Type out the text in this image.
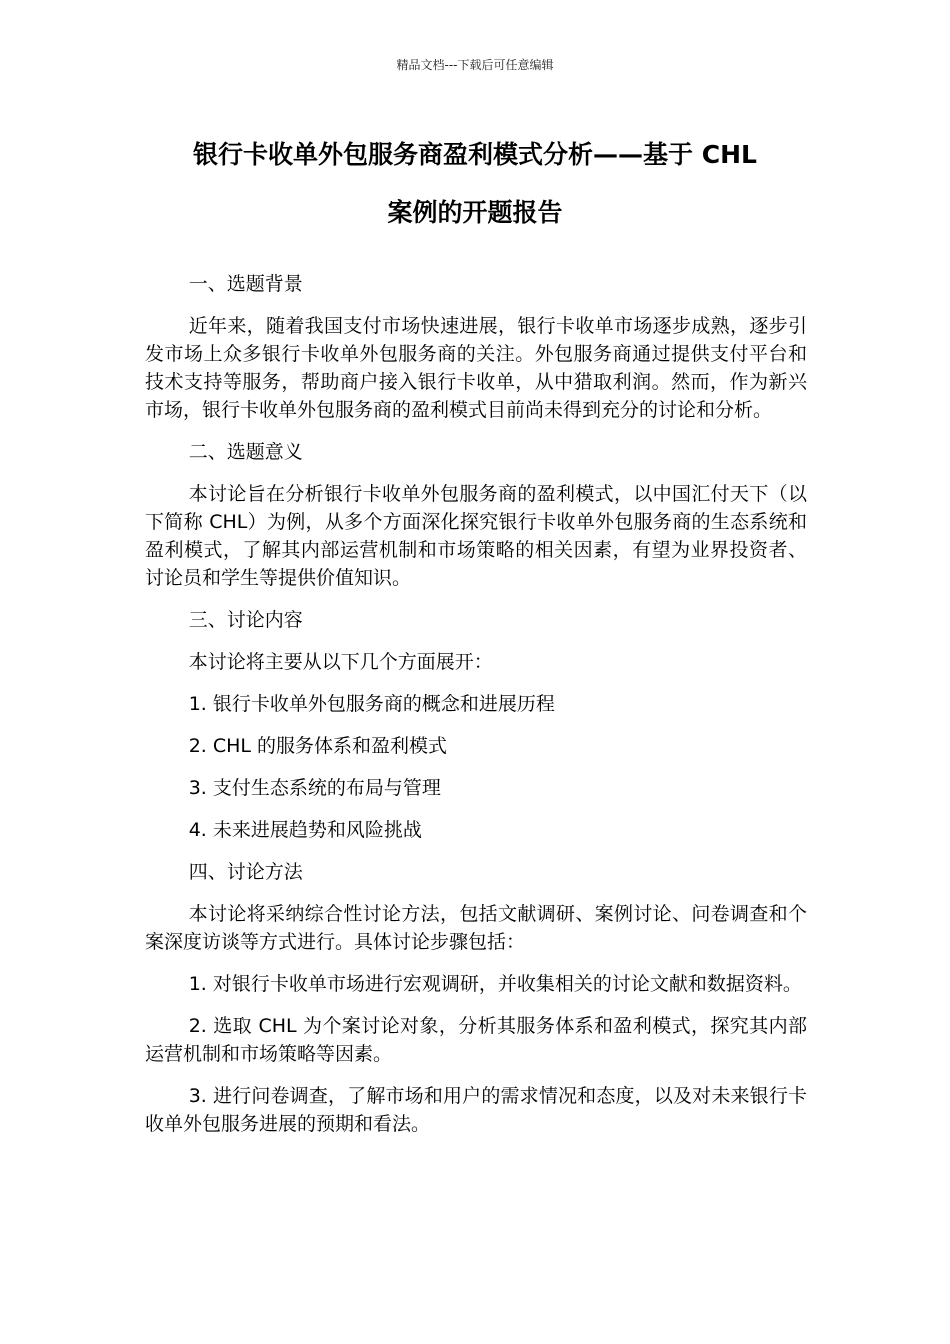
精品文档---下载后可任意编辑
银行卡收单外包服务商盈利模式分析——基于 CHL
案例的开题报告

一、选题背景

近年来，随着我国支付市场快速进展，银行卡收单市场逐步成熟，逐步引发市场上众多银行卡收单外包服务商的关注。外包服务商通过提供支付平台和技术支持等服务，帮助商户接入银行卡收单，从中猎取利润。然而，作为新兴市场，银行卡收单外包服务商的盈利模式目前尚未得到充分的讨论和分析。

二、选题意义

本讨论旨在分析银行卡收单外包服务商的盈利模式，以中国汇付天下（以下简称 CHL）为例，从多个方面深化探究银行卡收单外包服务商的生态系统和盈利模式，了解其内部运营机制和市场策略的相关因素，有望为业界投资者、讨论员和学生等提供价值知识。

三、讨论内容

本讨论将主要从以下几个方面展开：

1. 银行卡收单外包服务商的概念和进展历程

2. CHL 的服务体系和盈利模式

3. 支付生态系统的布局与管理

4. 未来进展趋势和风险挑战

四、讨论方法

本讨论将采纳综合性讨论方法，包括文献调研、案例讨论、问卷调查和个案深度访谈等方式进行。具体讨论步骤包括：

1. 对银行卡收单市场进行宏观调研，并收集相关的讨论文献和数据资料。

2. 选取 CHL 为个案讨论对象，分析其服务体系和盈利模式，探究其内部运营机制和市场策略等因素。

3. 进行问卷调查，了解市场和用户的需求情况和态度，以及对未来银行卡收单外包服务进展的预期和看法。
